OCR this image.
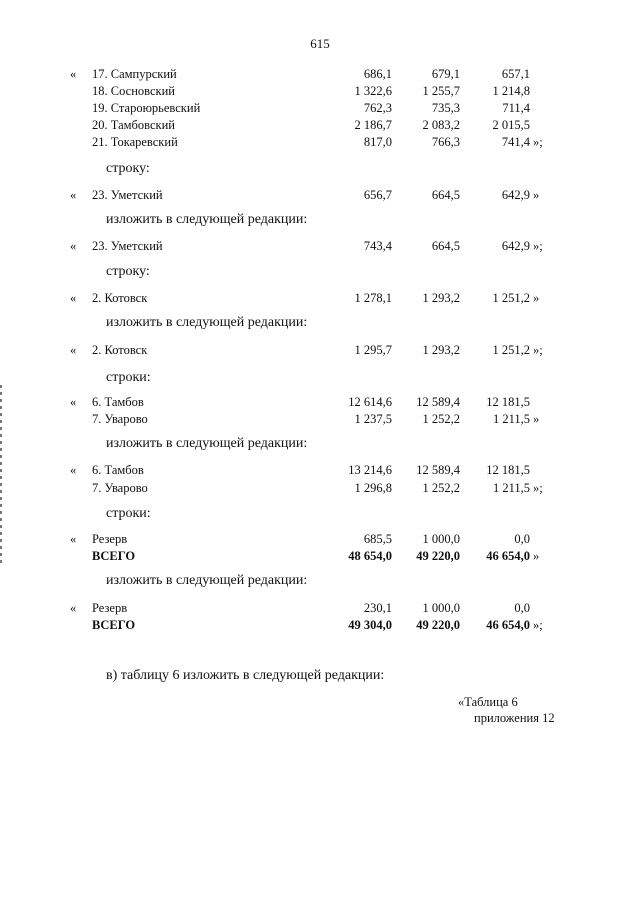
615
« 17. Сампурский	686,1	679,1	657,1
18. Сосновский	1 322,6	1 255,7	1 214,8
19. Староюрьевский	762,3	735,3	711,4
20. Тамбовский	2 186,7	2 083,2	2 015,5
21. Токаревский	817,0	766,3	741,4 »;
строку:
« 23. Уметский	656,7	664,5	642,9 »
изложить в следующей редакции:
« 23. Уметский	743,4	664,5	642,9 »;
строку:
« 2. Котовск	1 278,1	1 293,2	1 251,2 »
изложить в следующей редакции:
« 2. Котовск	1 295,7	1 293,2	1 251,2 »;
строки:
« 6. Тамбов	12 614,6	12 589,4	12 181,5
7. Уварово	1 237,5	1 252,2	1 211,5 »
изложить в следующей редакции:
« 6. Тамбов	13 214,6	12 589,4	12 181,5
7. Уварово	1 296,8	1 252,2	1 211,5 »;
строки:
« Резерв	685,5	1 000,0	0,0
ВСЕГО	48 654,0	49 220,0	46 654,0 »
изложить в следующей редакции:
« Резерв	230,1	1 000,0	0,0
ВСЕГО	49 304,0	49 220,0	46 654,0 »;
в) таблицу 6 изложить в следующей редакции:
«Таблица 6
приложения 12
